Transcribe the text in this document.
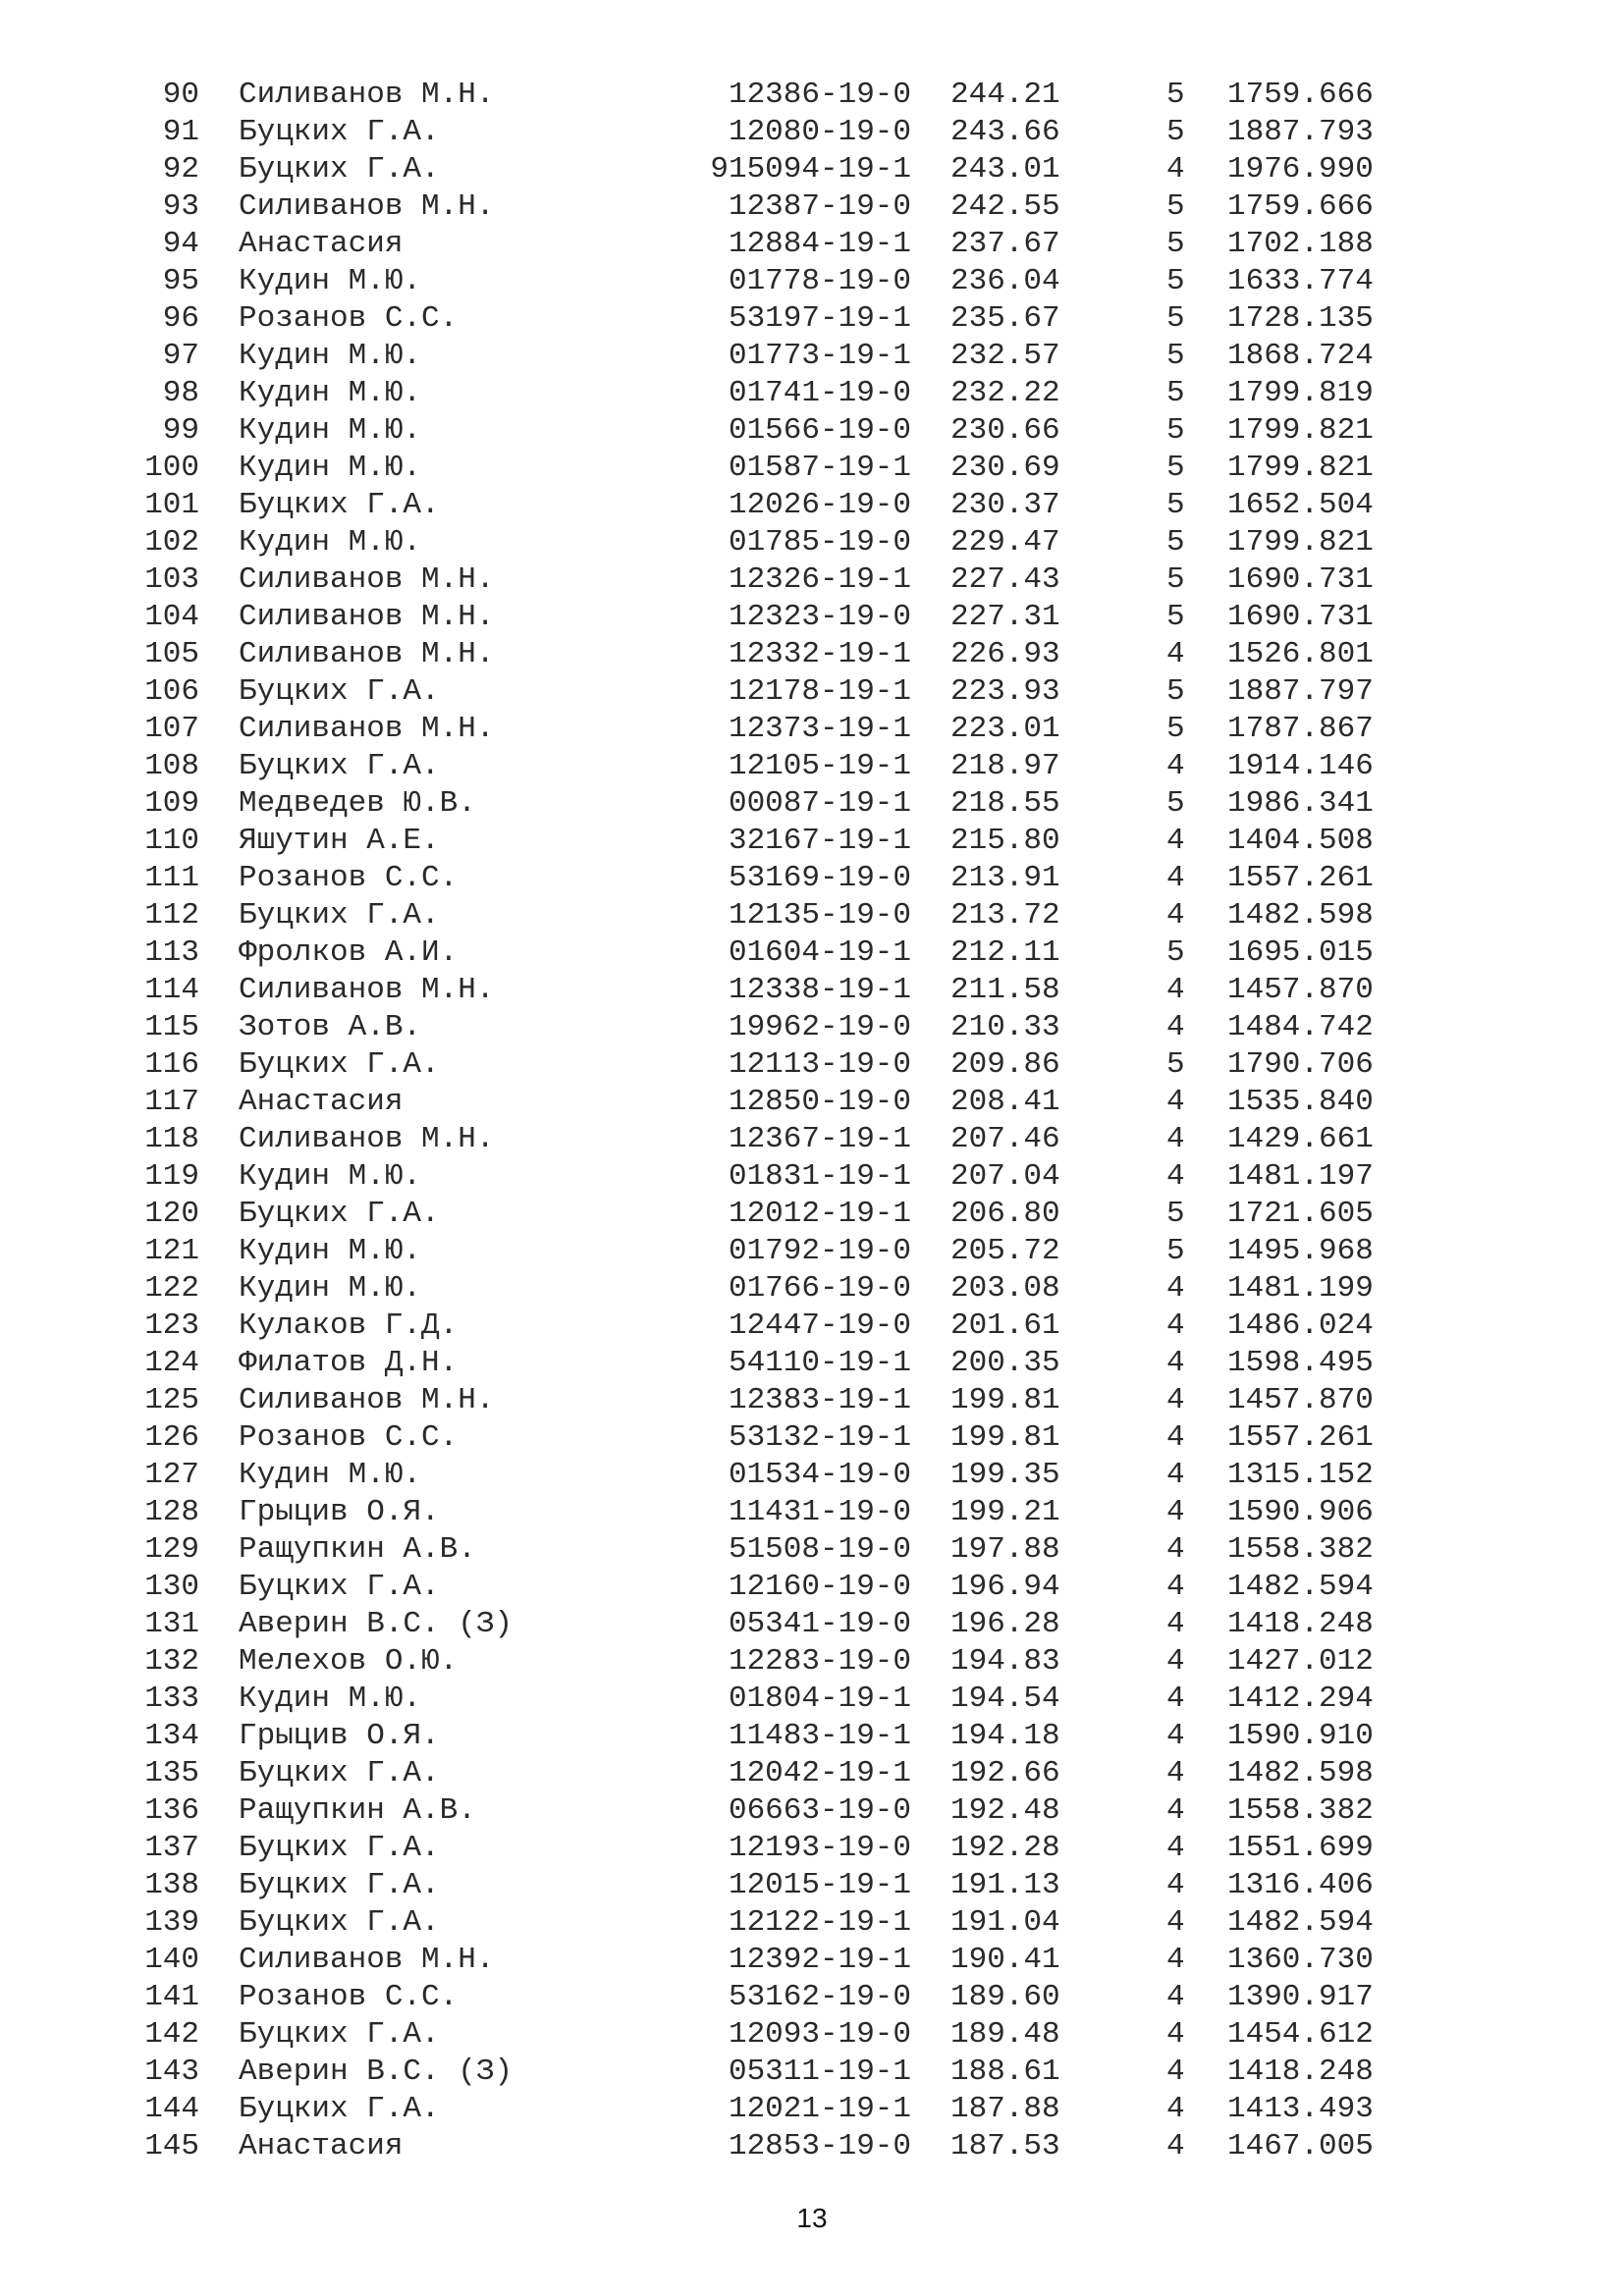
90 Силиванов М.Н.	12386-19-0 244.21	5 1759.666
91 Буцких Г.А.	12080-19-0 243.66	5 1887.793
92 Буцких Г.А.	915094-19-1 243.01	4 1976.990
93 Силиванов М.Н.	12387-19-0 242.55	5 1759.666
94 Анастасия	12884-19-1 237.67	5 1702.188
95 Кудин М.Ю.	01778-19-0 236.04	5 1633.774
96 Розанов С.С.	53197-19-1 235.67	5 1728.135
97 Кудин М.Ю.	01773-19-1 232.57	5 1868.724
98 Кудин М.Ю.	01741-19-0 232.22	5 1799.819
99 Кудин М.Ю.	01566-19-0 230.66	5 1799.821
100 Кудин М.Ю.	01587-19-1 230.69	5 1799.821
101 Буцких Г.А.	12026-19-0 230.37	5 1652.504
102 Кудин М.Ю.	01785-19-0 229.47	5 1799.821
103 Силиванов М.Н.	12326-19-1 227.43	5 1690.731
104 Силиванов М.Н.	12323-19-0 227.31	5 1690.731
105 Силиванов М.Н.	12332-19-1 226.93	4 1526.801
106 Буцких Г.А.	12178-19-1 223.93	5 1887.797
107 Силиванов М.Н.	12373-19-1 223.01	5 1787.867
108 Буцких Г.А.	12105-19-1 218.97	4 1914.146
109 Медведев Ю.В.	00087-19-1 218.55	5 1986.341
110 Яшутин А.Е.	32167-19-1 215.80	4 1404.508
111 Розанов С.С.	53169-19-0 213.91	4 1557.261
112 Буцких Г.А.	12135-19-0 213.72	4 1482.598
113 Фролков А.И.	01604-19-1 212.11	5 1695.015
114 Силиванов М.Н.	12338-19-1 211.58	4 1457.870
115 Зотов А.В.	19962-19-0 210.33	4 1484.742
116 Буцких Г.А.	12113-19-0 209.86	5 1790.706
117 Анастасия	12850-19-0 208.41	4 1535.840
118 Силиванов М.Н.	12367-19-1 207.46	4 1429.661
119 Кудин М.Ю.	01831-19-1 207.04	4 1481.197
120 Буцких Г.А.	12012-19-1 206.80	5 1721.605
121 Кудин М.Ю.	01792-19-0 205.72	5 1495.968
122 Кудин М.Ю.	01766-19-0 203.08	4 1481.199
123 Кулаков Г.Д.	12447-19-0 201.61	4 1486.024
124 Филатов Д.Н.	54110-19-1 200.35	4 1598.495
125 Силиванов М.Н.	12383-19-1 199.81	4 1457.870
126 Розанов С.С.	53132-19-1 199.81	4 1557.261
127 Кудин М.Ю.	01534-19-0 199.35	4 1315.152
128 Грыцив О.Я.	11431-19-0 199.21	4 1590.906
129 Ращупкин А.В.	51508-19-0 197.88	4 1558.382
130 Буцких Г.А.	12160-19-0 196.94	4 1482.594
131 Аверин В.С. (З)	05341-19-0 196.28	4 1418.248
132 Мелехов О.Ю.	12283-19-0 194.83	4 1427.012
133 Кудин М.Ю.	01804-19-1 194.54	4 1412.294
134 Грыцив О.Я.	11483-19-1 194.18	4 1590.910
135 Буцких Г.А.	12042-19-1 192.66	4 1482.598
136 Ращупкин А.В.	06663-19-0 192.48	4 1558.382
137 Буцких Г.А.	12193-19-0 192.28	4 1551.699
138 Буцких Г.А.	12015-19-1 191.13	4 1316.406
139 Буцких Г.А.	12122-19-1 191.04	4 1482.594
140 Силиванов М.Н.	12392-19-1 190.41	4 1360.730
141 Розанов С.С.	53162-19-0 189.60	4 1390.917
142 Буцких Г.А.	12093-19-0 189.48	4 1454.612
143 Аверин В.С. (З)	05311-19-1 188.61	4 1418.248
144 Буцких Г.А.	12021-19-1 187.88	4 1413.493
145 Анастасия	12853-19-0 187.53	4 1467.005
13
